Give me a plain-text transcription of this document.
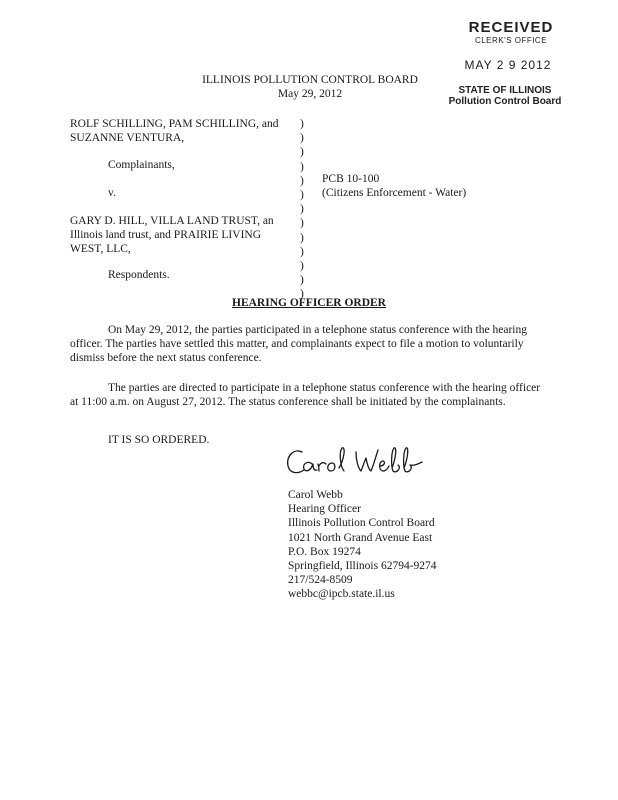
RECEIVED
CLERK'S OFFICE
MAY 2 9 2012
STATE OF ILLINOIS
Pollution Control Board
ILLINOIS POLLUTION CONTROL BOARD
May 29, 2012
ROLF SCHILLING, PAM SCHILLING, and
SUZANNE VENTURA,
Complainants,
v.
GARY D. HILL, VILLA LAND TRUST, an
Illinois land trust, and PRAIRIE LIVING
WEST, LLC,
Respondents.
)
)
)
)
)
)
)
)
)
)
)
)
)
PCB 10-100
(Citizens Enforcement - Water)
HEARING OFFICER ORDER
On May 29, 2012, the parties participated in a telephone status conference with the hearing officer. The parties have settled this matter, and complainants expect to file a motion to voluntarily dismiss before the next status conference.
The parties are directed to participate in a telephone status conference with the hearing officer at 11:00 a.m. on August 27, 2012. The status conference shall be initiated by the complainants.
IT IS SO ORDERED.
Carol Webb
Hearing Officer
Illinois Pollution Control Board
1021 North Grand Avenue East
P.O. Box 19274
Springfield, Illinois 62794-9274
217/524-8509
webbc@ipcb.state.il.us
